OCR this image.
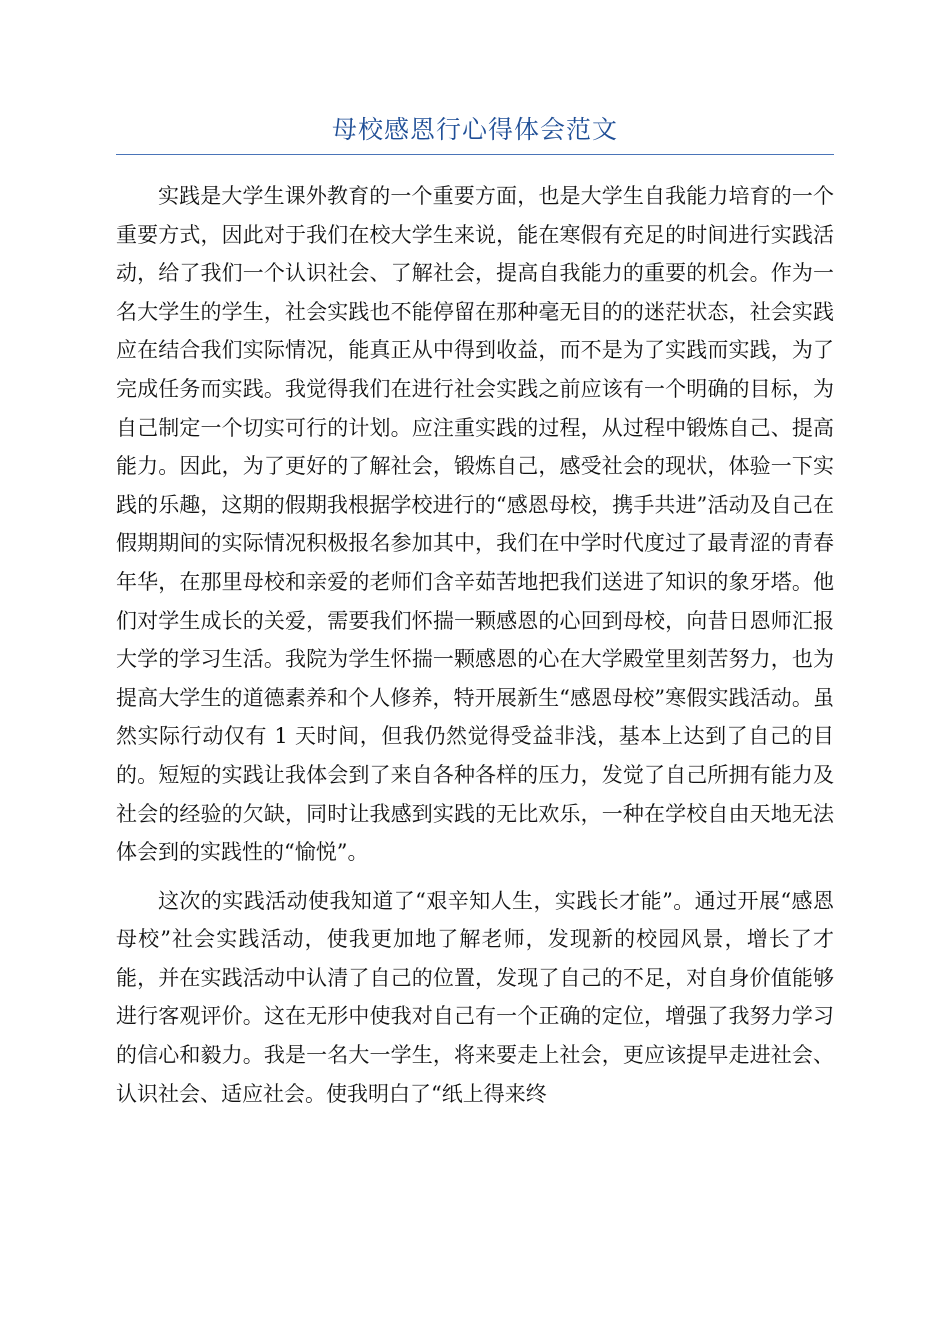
母校感恩行心得体会范文

实践是大学生课外教育的一个重要方面，也是大学生自我能力培育的一个重要方式，因此对于我们在校大学生来说，能在寒假有充足的时间进行实践活动，给了我们一个认识社会、了解社会，提高自我能力的重要的机会。作为一名大学生的学生，社会实践也不能停留在那种毫无目的的迷茫状态，社会实践应在结合我们实际情况，能真正从中得到收益，而不是为了实践而实践，为了完成任务而实践。我觉得我们在进行社会实践之前应该有一个明确的目标，为自己制定一个切实可行的计划。应注重实践的过程，从过程中锻炼自己、提高能力。因此，为了更好的了解社会，锻炼自己，感受社会的现状，体验一下实践的乐趣，这期的假期我根据学校进行的“感恩母校，携手共进”活动及自己在假期期间的实际情况积极报名参加其中，我们在中学时代度过了最青涩的青春年华，在那里母校和亲爱的老师们含辛茹苦地把我们送进了知识的象牙塔。他们对学生成长的关爱，需要我们怀揣一颗感恩的心回到母校，向昔日恩师汇报大学的学习生活。我院为学生怀揣一颗感恩的心在大学殿堂里刻苦努力，也为提高大学生的道德素养和个人修养，特开展新生“感恩母校”寒假实践活动。虽然实际行动仅有 1 天时间，但我仍然觉得受益非浅，基本上达到了自己的目的。短短的实践让我体会到了来自各种各样的压力，发觉了自己所拥有能力及社会的经验的欠缺，同时让我感到实践的无比欢乐，一种在学校自由天地无法体会到的实践性的“愉悦”。

这次的实践活动使我知道了“艰辛知人生，实践长才能”。通过开展“感恩母校”社会实践活动，使我更加地了解老师，发现新的校园风景，增长了才能，并在实践活动中认清了自己的位置，发现了自己的不足，对自身价值能够进行客观评价。这在无形中使我对自己有一个正确的定位，增强了我努力学习的信心和毅力。我是一名大一学生，将来要走上社会，更应该提早走进社会、认识社会、适应社会。使我明白了“纸上得来终
